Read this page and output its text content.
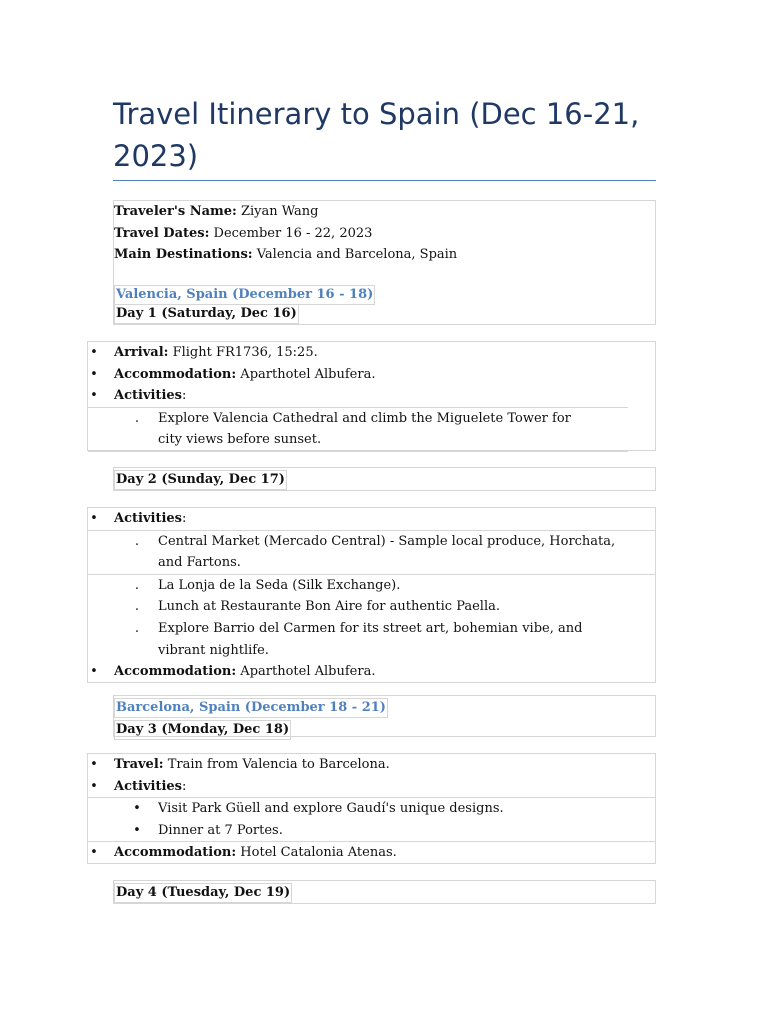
Travel Itinerary to Spain (Dec 16-21, 2023)
Traveler's Name: Ziyan Wang
Travel Dates: December 16 - 22, 2023
Main Destinations: Valencia and Barcelona, Spain
Valencia, Spain (December 16 - 18)
Day 1 (Saturday, Dec 16)
• Arrival: Flight FR1736, 15:25.
• Accommodation: Aparthotel Albufera.
• Activities:
. Explore Valencia Cathedral and climb the Miguelete Tower for city views before sunset.
Day 2 (Sunday, Dec 17)
• Activities:
. Central Market (Mercado Central) - Sample local produce, Horchata, and Fartons.
. La Lonja de la Seda (Silk Exchange).
. Lunch at Restaurante Bon Aire for authentic Paella.
. Explore Barrio del Carmen for its street art, bohemian vibe, and vibrant nightlife.
• Accommodation: Aparthotel Albufera.
Barcelona, Spain (December 18 - 21)
Day 3 (Monday, Dec 18)
• Travel: Train from Valencia to Barcelona.
• Activities:
• Visit Park Güell and explore Gaudí's unique designs.
• Dinner at 7 Portes.
• Accommodation: Hotel Catalonia Atenas.
Day 4 (Tuesday, Dec 19)
